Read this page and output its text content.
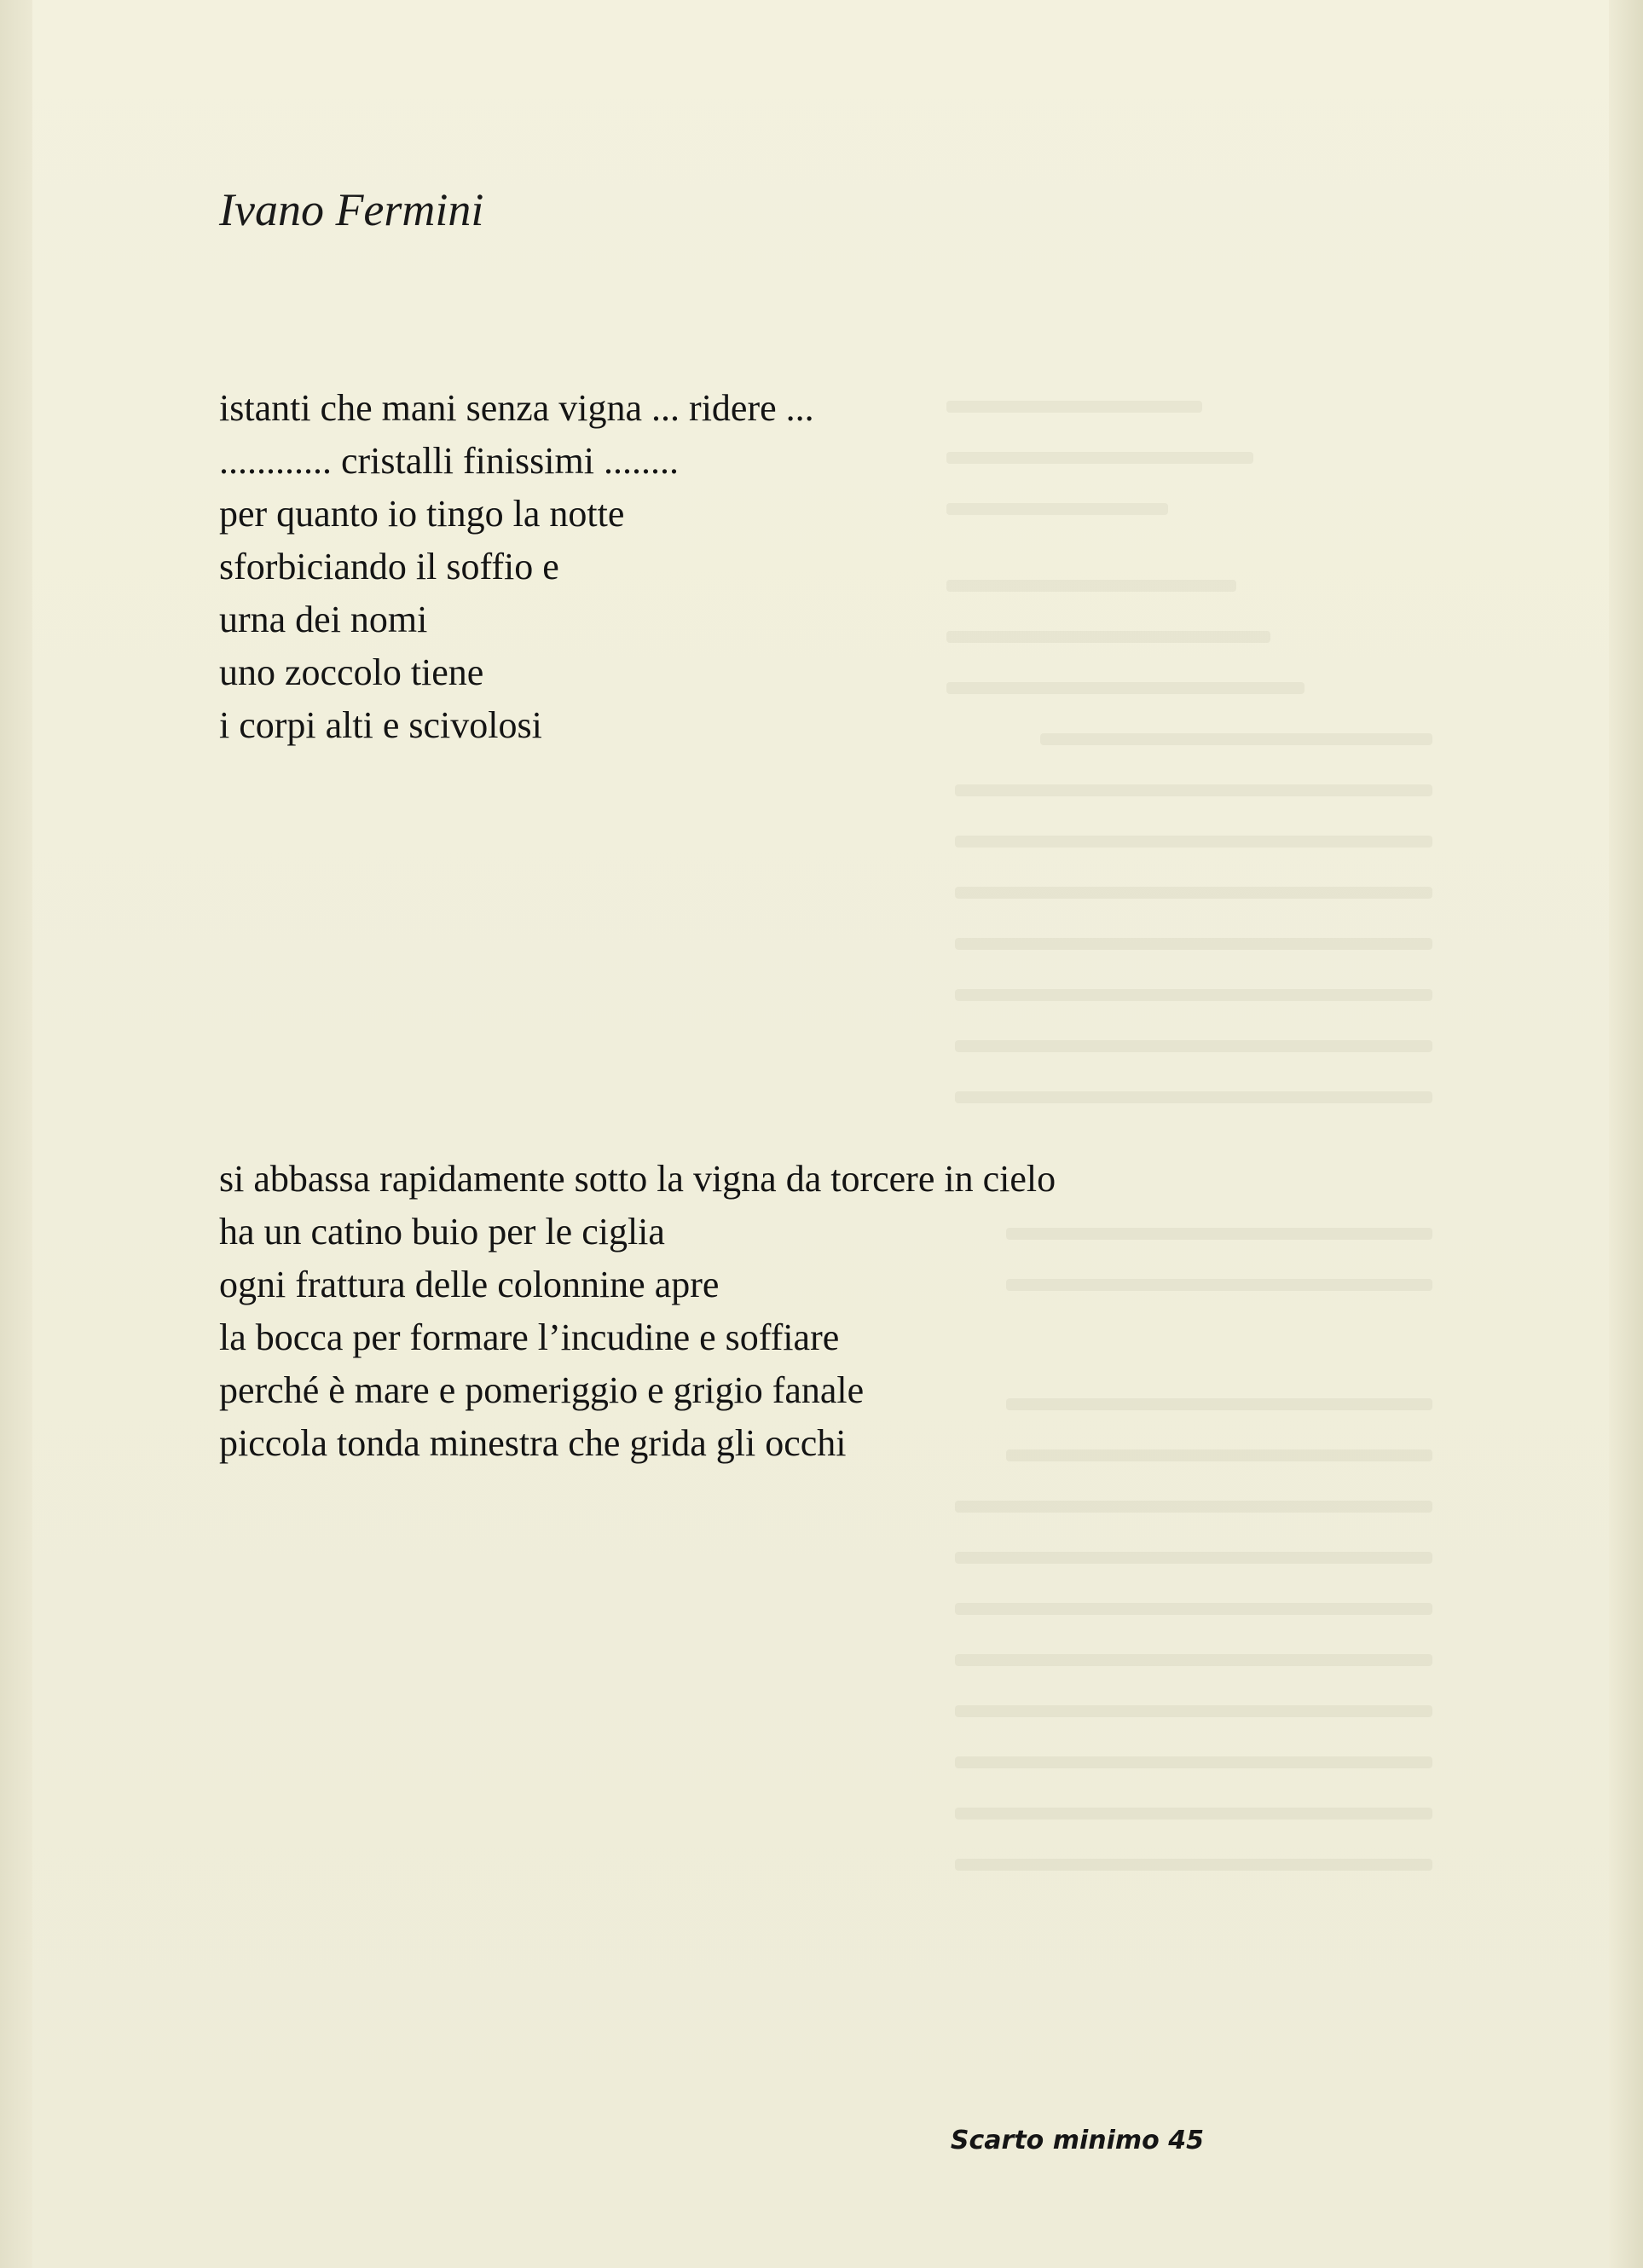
Ivano Fermini
istanti che mani senza vigna ... ridere ...
............ cristalli finissimi ........
per quanto io tingo la notte
sforbiciando il soffio e
urna dei nomi
uno zoccolo tiene
i corpi alti e scivolosi
si abbassa rapidamente sotto la vigna da torcere in cielo
ha un catino buio per le ciglia
ogni frattura delle colonnine apre
la bocca per formare l’incudine e soffiare
perché è mare e pomeriggio e grigio fanale
piccola tonda minestra che grida gli occhi
Scarto minimo 45
